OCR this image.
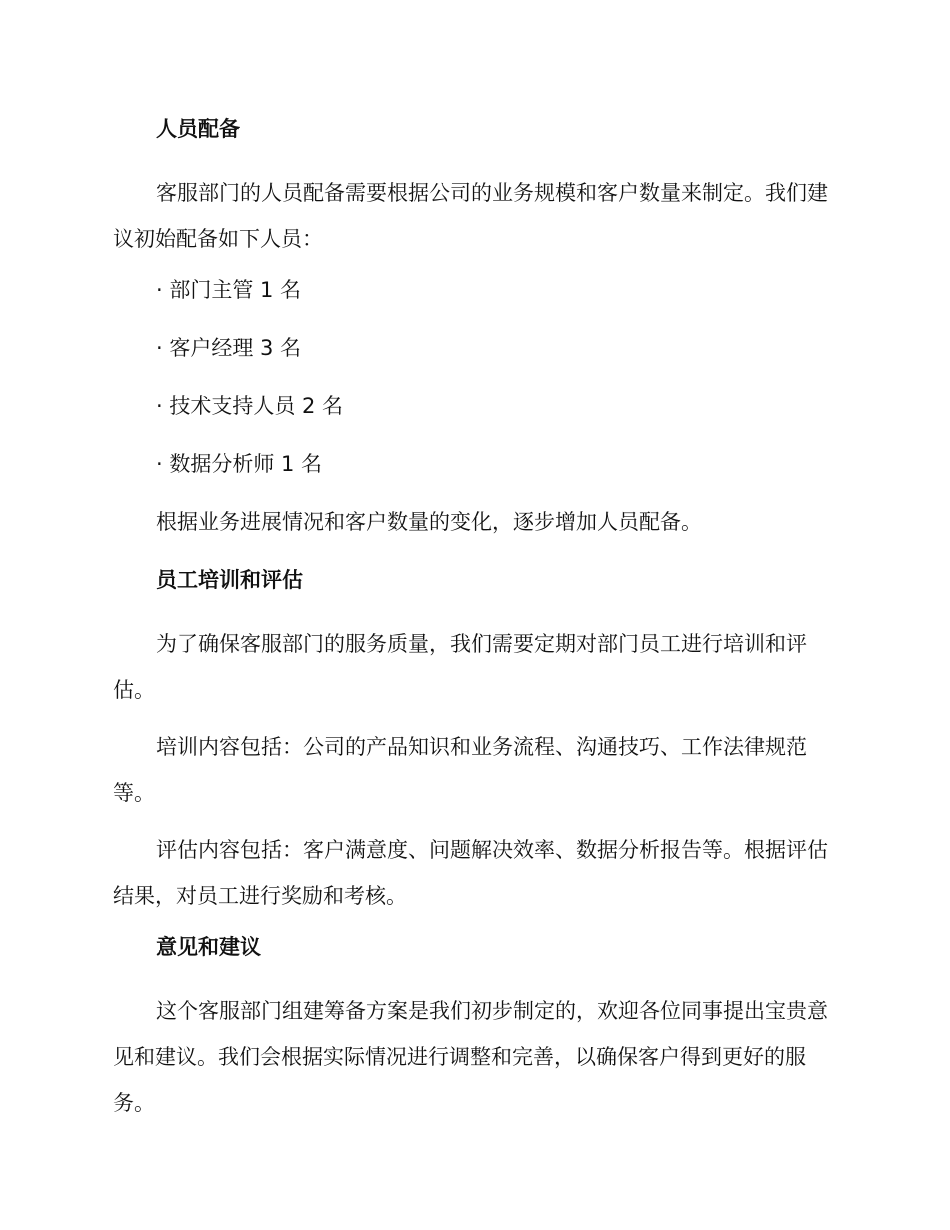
人员配备
客服部门的人员配备需要根据公司的业务规模和客户数量来制定。我们建议初始配备如下人员：
· 部门主管 1 名
· 客户经理 3 名
· 技术支持人员 2 名
· 数据分析师 1 名
根据业务进展情况和客户数量的变化，逐步增加人员配备。
员工培训和评估
为了确保客服部门的服务质量，我们需要定期对部门员工进行培训和评估。
培训内容包括：公司的产品知识和业务流程、沟通技巧、工作法律规范等。
评估内容包括：客户满意度、问题解决效率、数据分析报告等。根据评估结果，对员工进行奖励和考核。
意见和建议
这个客服部门组建筹备方案是我们初步制定的，欢迎各位同事提出宝贵意见和建议。我们会根据实际情况进行调整和完善，以确保客户得到更好的服务。
